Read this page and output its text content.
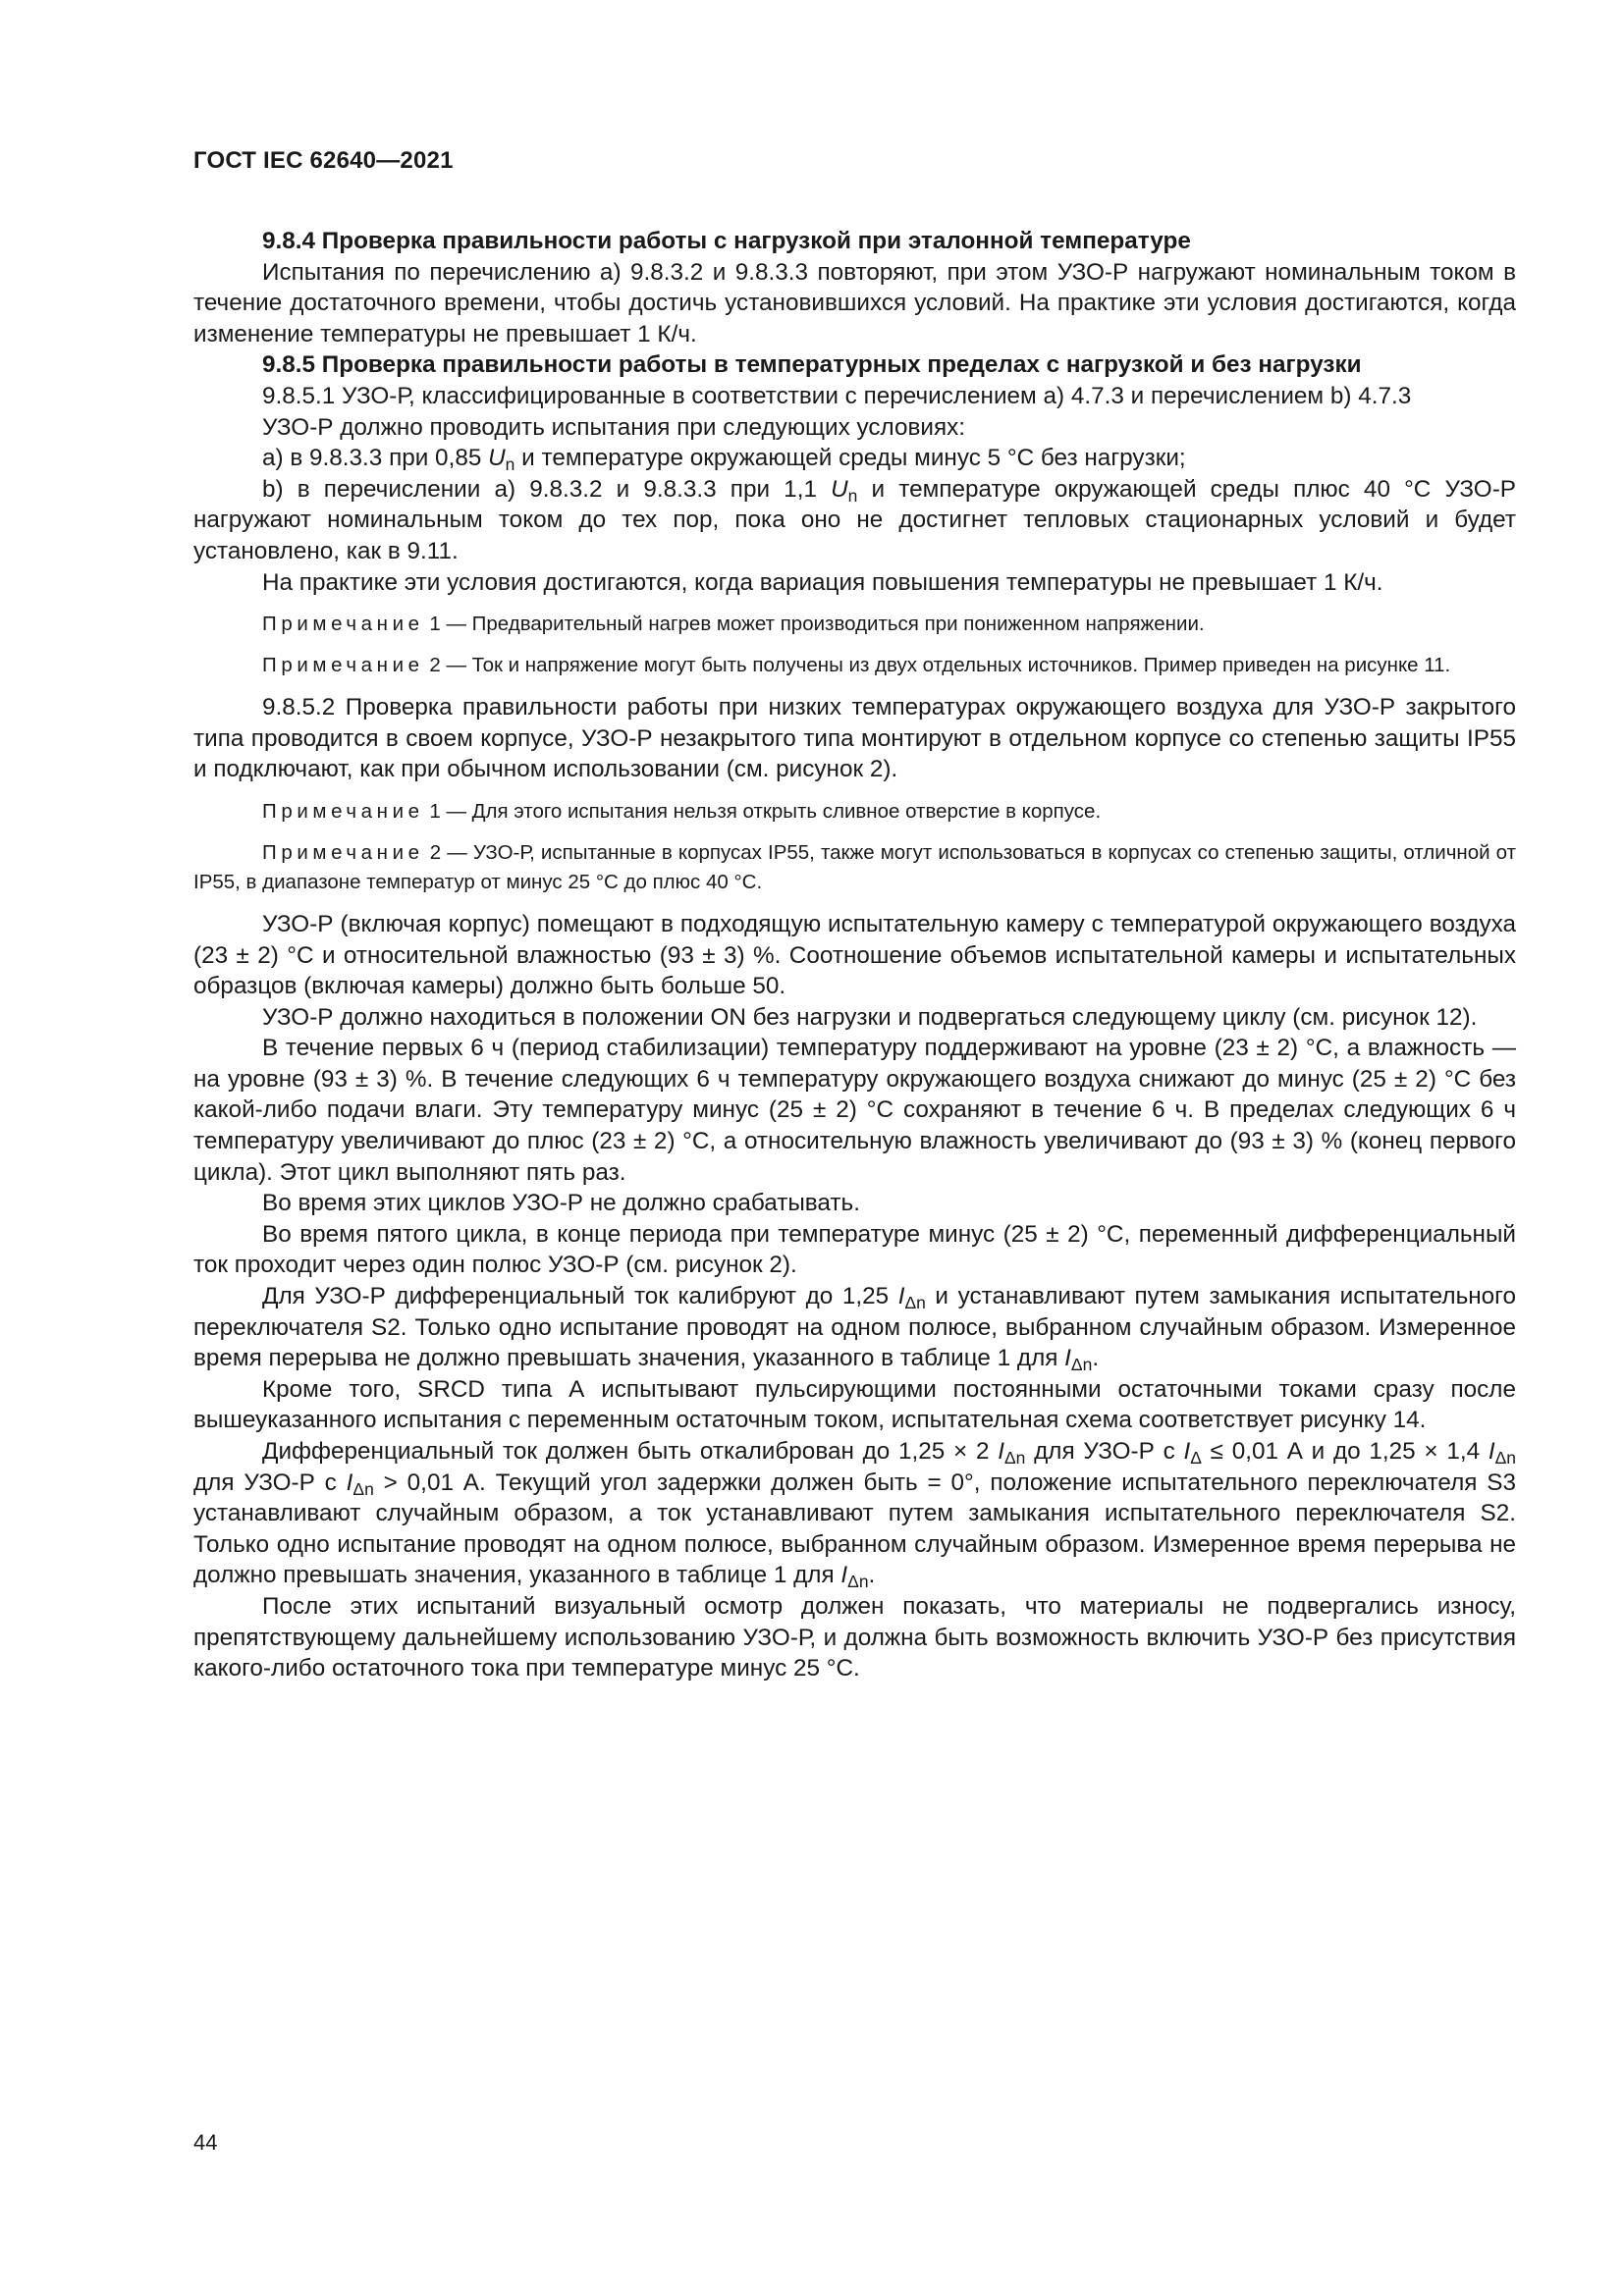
ГОСТ IEC 62640—2021

9.8.4 Проверка правильности работы с нагрузкой при эталонной температуре

Испытания по перечислению а) 9.8.3.2 и 9.8.3.3 повторяют, при этом УЗО-Р нагружают номинальным током в течение достаточного времени, чтобы достичь установившихся условий. На практике эти условия достигаются, когда изменение температуры не превышает 1 К/ч.

9.8.5 Проверка правильности работы в температурных пределах с нагрузкой и без нагрузки

9.8.5.1 УЗО-Р, классифицированные в соответствии с перечислением а) 4.7.3 и перечислением b) 4.7.3

УЗО-Р должно проводить испытания при следующих условиях:

а) в 9.8.3.3 при 0,85 $U_n$ и температуре окружающей среды минус 5 °С без нагрузки;

b) в перечислении а) 9.8.3.2 и 9.8.3.3 при 1,1 $U_n$ и температуре окружающей среды плюс 40 °С УЗО-Р нагружают номинальным током до тех пор, пока оно не достигнет тепловых стационарных условий и будет установлено, как в 9.11.

На практике эти условия достигаются, когда вариация повышения температуры не превышает 1 К/ч.

Примечание 1 — Предварительный нагрев может производиться при пониженном напряжении.

Примечание 2 — Ток и напряжение могут быть получены из двух отдельных источников. Пример приведен на рисунке 11.

9.8.5.2 Проверка правильности работы при низких температурах окружающего воздуха для УЗО-Р закрытого типа проводится в своем корпусе, УЗО-Р незакрытого типа монтируют в отдельном корпусе со степенью защиты IP55 и подключают, как при обычном использовании (см. рисунок 2).

Примечание 1 — Для этого испытания нельзя открыть сливное отверстие в корпусе.

Примечание 2 — УЗО-Р, испытанные в корпусах IP55, также могут использоваться в корпусах со степенью защиты, отличной от IP55, в диапазоне температур от минус 25 °С до плюс 40 °С.

УЗО-Р (включая корпус) помещают в подходящую испытательную камеру с температурой окружающего воздуха (23 ± 2) °С и относительной влажностью (93 ± 3) %. Соотношение объемов испытательной камеры и испытательных образцов (включая камеры) должно быть больше 50.

УЗО-Р должно находиться в положении ON без нагрузки и подвергаться следующему циклу (см. рисунок 12).

В течение первых 6 ч (период стабилизации) температуру поддерживают на уровне (23 ± 2) °С, а влажность — на уровне (93 ± 3) %. В течение следующих 6 ч температуру окружающего воздуха снижают до минус (25 ± 2) °С без какой-либо подачи влаги. Эту температуру минус (25 ± 2) °С сохраняют в течение 6 ч. В пределах следующих 6 ч температуру увеличивают до плюс (23 ± 2) °С, а относительную влажность увеличивают до (93 ± 3) % (конец первого цикла). Этот цикл выполняют пять раз.

Во время этих циклов УЗО-Р не должно срабатывать.

Во время пятого цикла, в конце периода при температуре минус (25 ± 2) °С, переменный дифференциальный ток проходит через один полюс УЗО-Р (см. рисунок 2).

Для УЗО-Р дифференциальный ток калибруют до 1,25 $I_{\Delta n}$ и устанавливают путем замыкания испытательного переключателя S2. Только одно испытание проводят на одном полюсе, выбранном случайным образом. Измеренное время перерыва не должно превышать значения, указанного в таблице 1 для $I_{\Delta n}$.

Кроме того, SRCD типа А испытывают пульсирующими постоянными остаточными токами сразу после вышеуказанного испытания с переменным остаточным током, испытательная схема соответствует рисунку 14.

Дифференциальный ток должен быть откалиброван до 1,25 × 2 $I_{\Delta n}$ для УЗО-Р с $I_\Delta \le 0,01$ А и до 1,25 × 1,4 $I_{\Delta n}$ для УЗО-Р с $I_{\Delta n} > 0,01$ А. Текущий угол задержки должен быть = 0°, положение испытательного переключателя S3 устанавливают случайным образом, а ток устанавливают путем замыкания испытательного переключателя S2. Только одно испытание проводят на одном полюсе, выбранном случайным образом. Измеренное время перерыва не должно превышать значения, указанного в таблице 1 для $I_{\Delta n}$.

После этих испытаний визуальный осмотр должен показать, что материалы не подвергались износу, препятствующему дальнейшему использованию УЗО-Р, и должна быть возможность включить УЗО-Р без присутствия какого-либо остаточного тока при температуре минус 25 °С.

44
